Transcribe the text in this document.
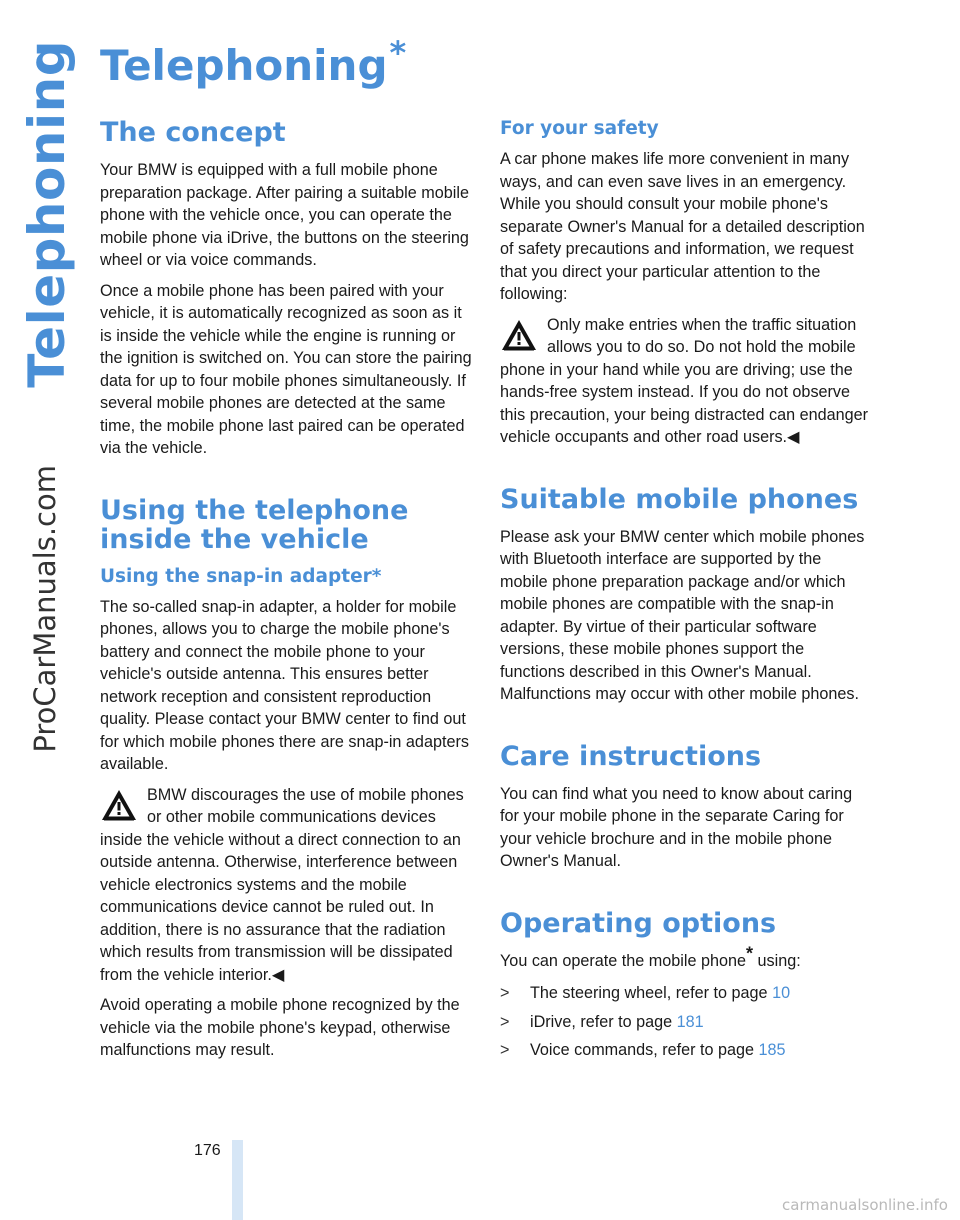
Telephoning
ProCarManuals.com
Telephoning*
The concept

Your BMW is equipped with a full mobile phone preparation package. After pairing a suitable mobile phone with the vehicle once, you can operate the mobile phone via iDrive, the buttons on the steering wheel or via voice commands.

Once a mobile phone has been paired with your vehicle, it is automatically recognized as soon as it is inside the vehicle while the engine is running or the ignition is switched on. You can store the pairing data for up to four mobile phones simultaneously. If several mobile phones are detected at the same time, the mobile phone last paired can be operated via the vehicle.

Using the telephone inside the vehicle
Using the snap-in adapter*

The so-called snap-in adapter, a holder for mobile phones, allows you to charge the mobile phone's battery and connect the mobile phone to your vehicle's outside antenna. This ensures better network reception and consistent reproduction quality. Please contact your BMW center to find out for which mobile phones there are snap-in adapters available.

BMW discourages the use of mobile phones or other mobile communications devices inside the vehicle without a direct connection to an outside antenna. Otherwise, interference between vehicle electronics systems and the mobile communications device cannot be ruled out. In addition, there is no assurance that the radiation which results from transmission will be dissipated from the vehicle interior.◀

Avoid operating a mobile phone recognized by the vehicle via the mobile phone's keypad, otherwise malfunctions may result.

For your safety

A car phone makes life more convenient in many ways, and can even save lives in an emergency. While you should consult your mobile phone's separate Owner's Manual for a detailed description of safety precautions and information, we request that you direct your particular attention to the following:

Only make entries when the traffic situation allows you to do so. Do not hold the mobile phone in your hand while you are driving; use the hands-free system instead. If you do not observe this precaution, your being distracted can endanger vehicle occupants and other road users.◀

Suitable mobile phones

Please ask your BMW center which mobile phones with Bluetooth interface are supported by the mobile phone preparation package and/or which mobile phones are compatible with the snap-in adapter. By virtue of their particular software versions, these mobile phones support the functions described in this Owner's Manual. Malfunctions may occur with other mobile phones.

Care instructions

You can find what you need to know about caring for your mobile phone in the separate Caring for your vehicle brochure and in the mobile phone Owner's Manual.

Operating options

You can operate the mobile phone* using:

>	The steering wheel, refer to page 10
>	iDrive, refer to page 181
>	Voice commands, refer to page 185
176
carmanualsonline.info
